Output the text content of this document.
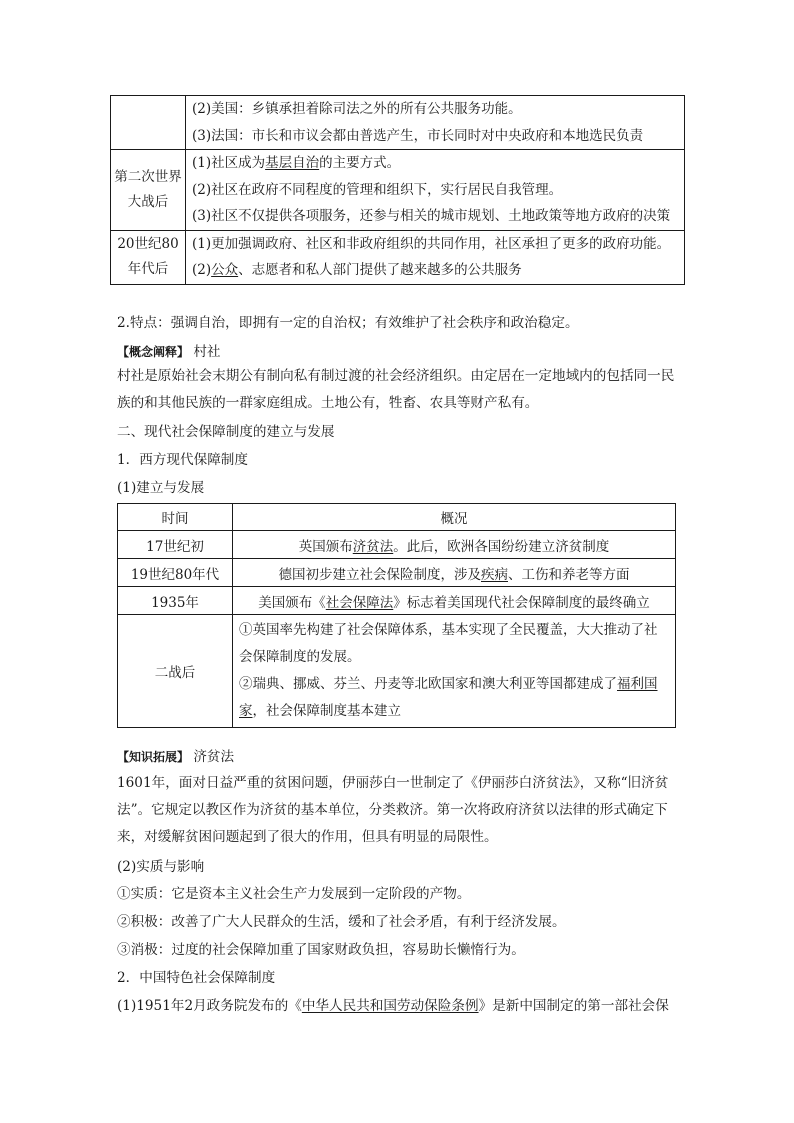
	(2)美国：乡镇承担着除司法之外的所有公共服务功能。
(3)法国：市长和市议会都由普选产生，市长同时对中央政府和本地选民负责

第二次世界大战后	(1)社区成为基层自治的主要方式。
(2)社区在政府不同程度的管理和组织下，实行居民自我管理。
(3)社区不仅提供各项服务，还参与相关的城市规划、土地政策等地方政府的决策

20世纪80年代后	(1)更加强调政府、社区和非政府组织的共同作用，社区承担了更多的政府功能。
(2)公众、志愿者和私人部门提供了越来越多的公共服务
2.特点：强调自治，即拥有一定的自治权；有效维护了社会秩序和政治稳定。
【概念阐释】 村社
村社是原始社会末期公有制向私有制过渡的社会经济组织。由定居在一定地域内的包括同一民族的和其他民族的一群家庭组成。土地公有，牲畜、农具等财产私有。
二、现代社会保障制度的建立与发展
1．西方现代保障制度
(1)建立与发展
时间	概况
17世纪初	英国颁布济贫法。此后，欧洲各国纷纷建立济贫制度
19世纪80年代	德国初步建立社会保险制度，涉及疾病、工伤和养老等方面
1935年	美国颁布《社会保障法》标志着美国现代社会保障制度的最终确立
二战后	①英国率先构建了社会保障体系，基本实现了全民覆盖，大大推动了社会保障制度的发展。
②瑞典、挪威、芬兰、丹麦等北欧国家和澳大利亚等国都建成了福利国家，社会保障制度基本建立
【知识拓展】 济贫法
1601年，面对日益严重的贫困问题，伊丽莎白一世制定了《伊丽莎白济贫法》，又称“旧济贫法”。它规定以教区作为济贫的基本单位，分类救济。第一次将政府济贫以法律的形式确定下来，对缓解贫困问题起到了很大的作用，但具有明显的局限性。
(2)实质与影响
①实质：它是资本主义社会生产力发展到一定阶段的产物。
②积极：改善了广大人民群众的生活，缓和了社会矛盾，有利于经济发展。
③消极：过度的社会保障加重了国家财政负担，容易助长懒惰行为。
2．中国特色社会保障制度
(1)1951年2月政务院发布的《中华人民共和国劳动保险条例》是新中国制定的第一部社会保
